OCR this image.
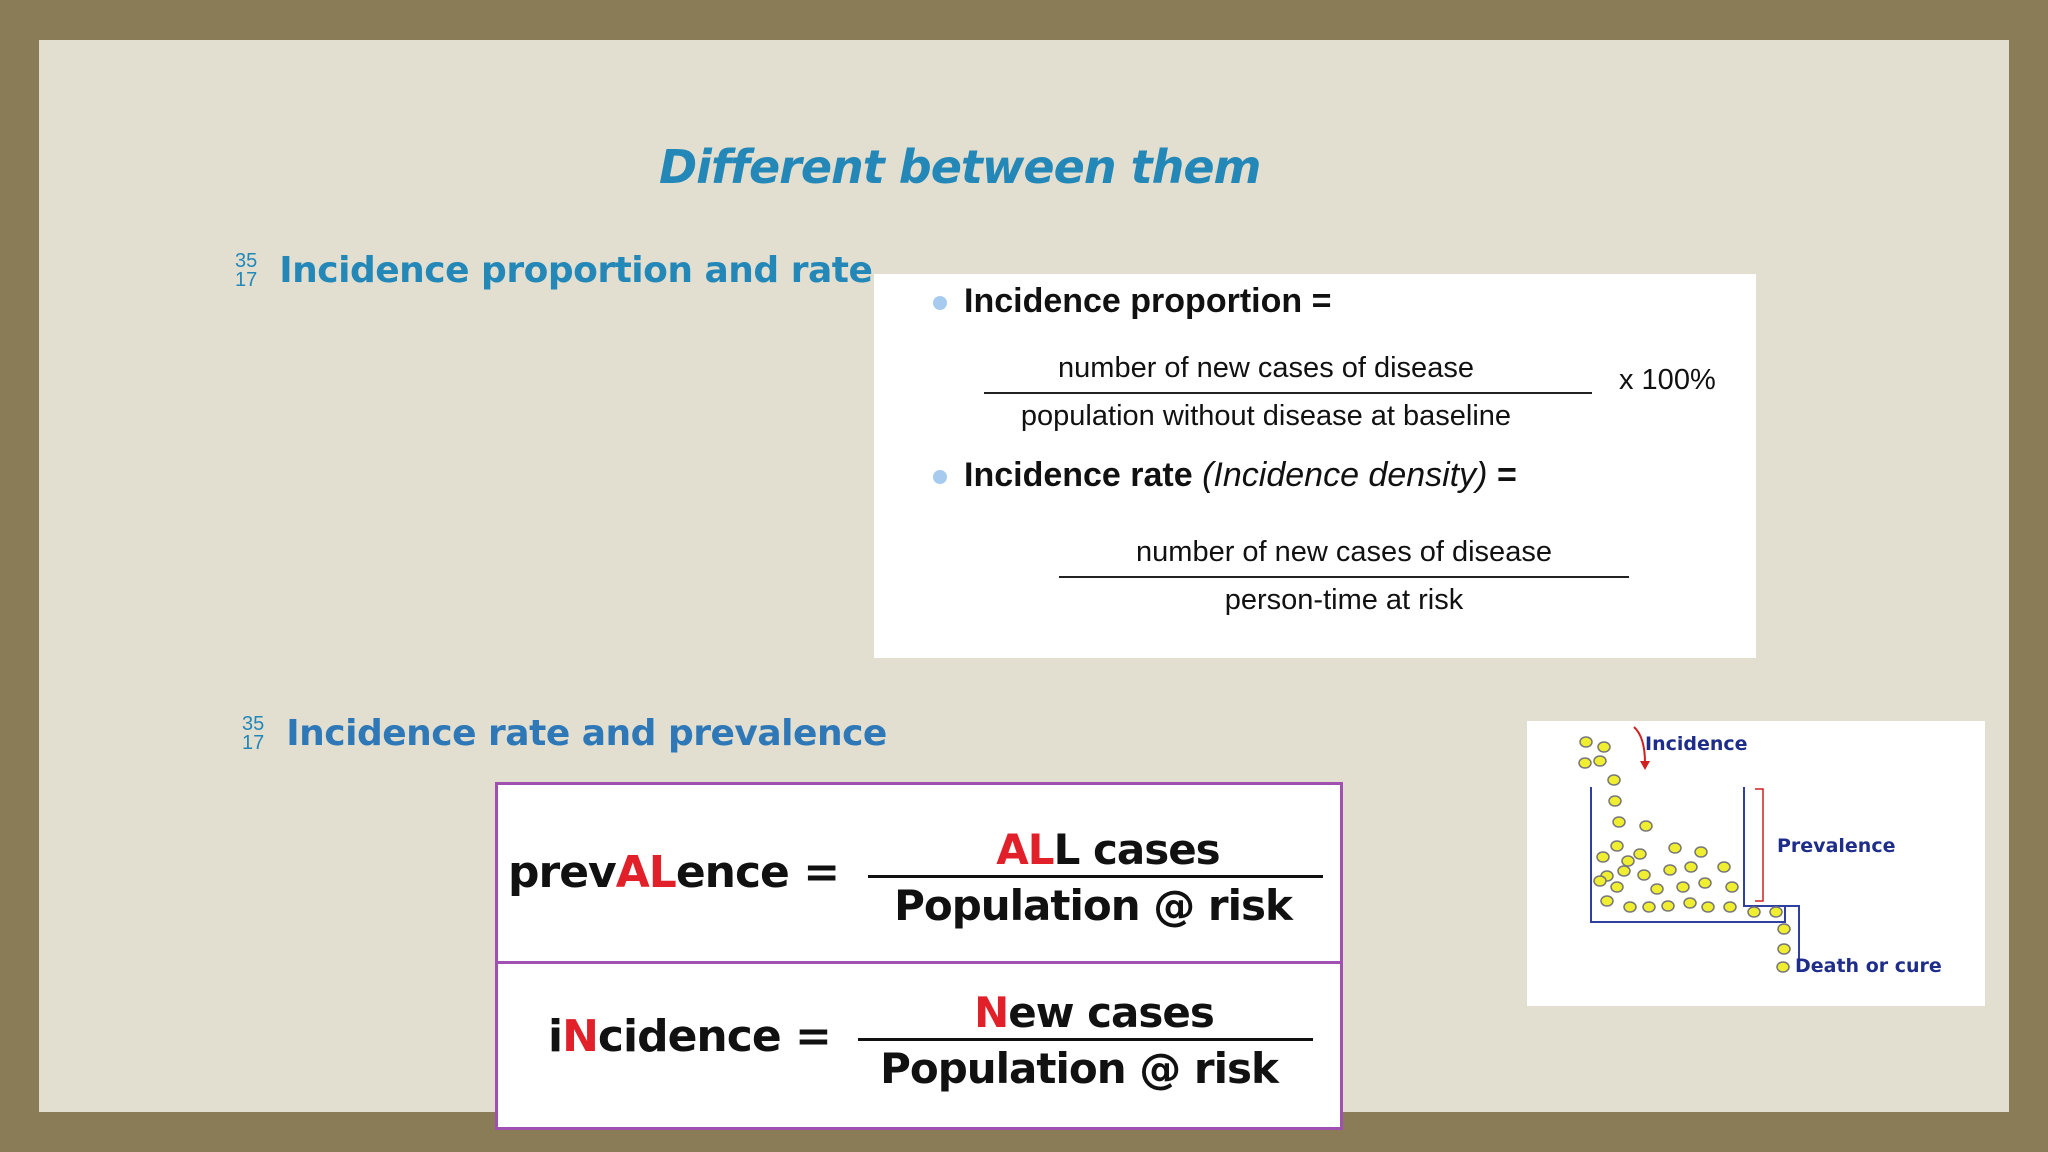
Different between them
35
17 Incidence proportion and rate
35
17 Incidence rate and prevalence
Incidence proportion =
number of new cases of disease
population without disease at baseline
x 100%
Incidence rate (Incidence density) =
number of new cases of disease
person-time at risk
prevALence =	ALL cases
Population @ risk
iNcidence =	New cases
Population @ risk
Incidence
Prevalence
Death or cure
